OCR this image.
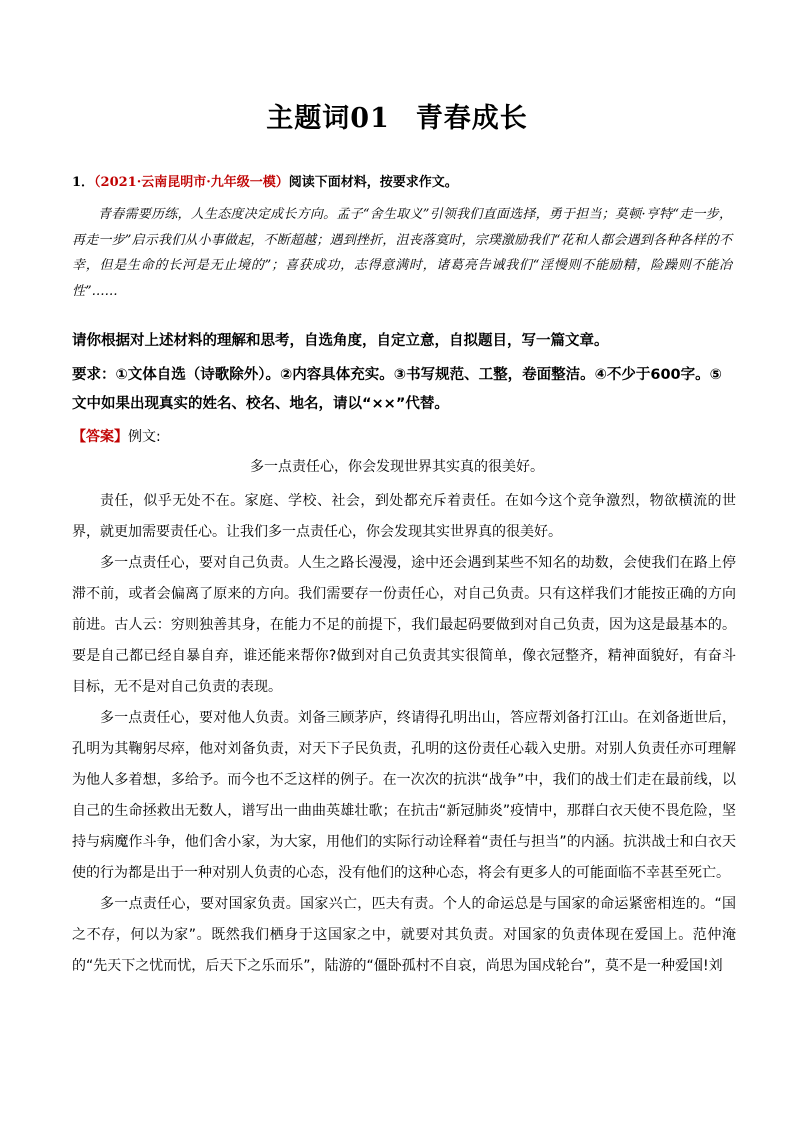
主题词01 青春成长
1．（2021·云南昆明市·九年级一模）阅读下面材料，按要求作文。
青春需要历练，人生态度决定成长方向。孟子“舍生取义”引领我们直面选择，勇于担当；莫顿·亨特“走一步，再走一步”启示我们从小事做起，不断超越；遇到挫折，沮丧落寞时，宗璞激励我们“花和人都会遇到各种各样的不幸，但是生命的长河是无止境的”；喜获成功，志得意满时，诸葛亮告诫我们“淫慢则不能励精，险躁则不能冶性”……
请你根据对上述材料的理解和思考，自选角度，自定立意，自拟题目，写一篇文章。
要求：①文体自选（诗歌除外）。②内容具体充实。③书写规范、工整，卷面整洁。④不少于600字。⑤文中如果出现真实的姓名、校名、地名，请以“××”代替。
【答案】例文:
多一点责任心，你会发现世界其实真的很美好。

责任，似乎无处不在。家庭、学校、社会，到处都充斥着责任。在如今这个竞争激烈，物欲横流的世界，就更加需要责任心。让我们多一点责任心，你会发现其实世界真的很美好。

多一点责任心，要对自己负责。人生之路长漫漫，途中还会遇到某些不知名的劫数，会使我们在路上停滞不前，或者会偏离了原来的方向。我们需要存一份责任心，对自己负责。只有这样我们才能按正确的方向前进。古人云：穷则独善其身，在能力不足的前提下，我们最起码要做到对自己负责，因为这是最基本的。要是自己都已经自暴自弃，谁还能来帮你?做到对自己负责其实很简单，像衣冠整齐，精神面貌好，有奋斗目标，无不是对自己负责的表现。

多一点责任心，要对他人负责。刘备三顾茅庐，终请得孔明出山，答应帮刘备打江山。在刘备逝世后，孔明为其鞠躬尽瘁，他对刘备负责，对天下子民负责，孔明的这份责任心载入史册。对别人负责任亦可理解为他人多着想，多给予。而今也不乏这样的例子。在一次次的抗洪“战争”中，我们的战士们走在最前线，以自己的生命拯救出无数人，谱写出一曲曲英雄壮歌；在抗击“新冠肺炎”疫情中，那群白衣天使不畏危险，坚持与病魔作斗争，他们舍小家，为大家，用他们的实际行动诠释着“责任与担当”的内涵。抗洪战士和白衣天使的行为都是出于一种对别人负责的心态，没有他们的这种心态，将会有更多人的可能面临不幸甚至死亡。

多一点责任心，要对国家负责。国家兴亡，匹夫有责。个人的命运总是与国家的命运紧密相连的。“国之不存，何以为家”。既然我们栖身于这国家之中，就要对其负责。对国家的负责体现在爱国上。范仲淹的“先天下之忧而忧，后天下之乐而乐”，陆游的“僵卧孤村不自哀，尚思为国戍轮台”，莫不是一种爱国!刘
